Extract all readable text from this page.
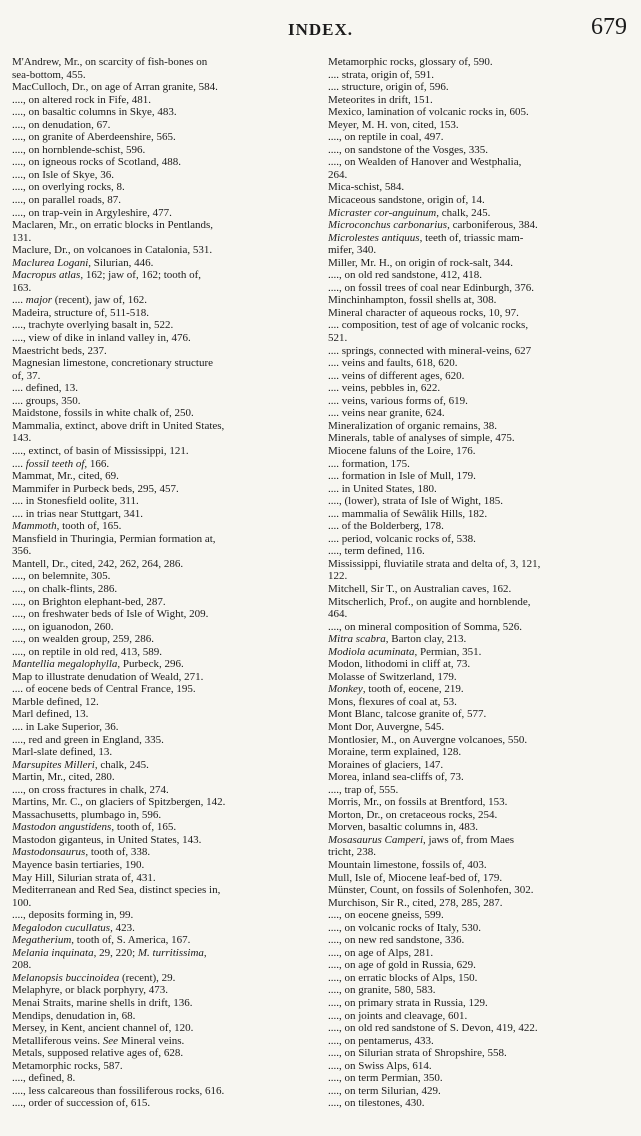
INDEX.	679
M'Andrew, Mr., on scarcity of fish-bones on
sea-bottom, 455.
MacCulloch, Dr., on age of Arran granite, 584.
...., on altered rock in Fife, 481.
...., on basaltic columns in Skye, 483.
...., on denudation, 67.
...., on granite of Aberdeenshire, 565.
...., on hornblende-schist, 596.
...., on igneous rocks of Scotland, 488.
...., on Isle of Skye, 36.
...., on overlying rocks, 8.
...., on parallel roads, 87.
...., on trap-vein in Argyleshire, 477.
Maclaren, Mr., on erratic blocks in Pentlands,
131.
Maclure, Dr., on volcanoes in Catalonia, 531.
Maclurea Logani, Silurian, 446.
Macropus atlas, 162; jaw of, 162; tooth of,
163.
.... major (recent), jaw of, 162.
Madeira, structure of, 511-518.
...., trachyte overlying basalt in, 522.
...., view of dike in inland valley in, 476.
Maestricht beds, 237.
Magnesian limestone, concretionary structure
of, 37.
.... defined, 13.
.... groups, 350.
Maidstone, fossils in white chalk of, 250.
Mammalia, extinct, above drift in United States,
143.
...., extinct, of basin of Mississippi, 121.
.... fossil teeth of, 166.
Mammat, Mr., cited, 69.
Mammifer in Purbeck beds, 295, 457.
.... in Stonesfield oolite, 311.
.... in trias near Stuttgart, 341.
Mammoth, tooth of, 165.
Mansfield in Thuringia, Permian formation at,
356.
Mantell, Dr., cited, 242, 262, 264, 286.
...., on belemnite, 305.
...., on chalk-flints, 286.
...., on Brighton elephant-bed, 287.
...., on freshwater beds of Isle of Wight, 209.
...., on iguanodon, 260.
...., on wealden group, 259, 286.
...., on reptile in old red, 413, 589.
Mantellia megalophylla, Purbeck, 296.
Map to illustrate denudation of Weald, 271.
.... of eocene beds of Central France, 195.
Marble defined, 12.
Marl defined, 13.
.... in Lake Superior, 36.
...., red and green in England, 335.
Marl-slate defined, 13.
Marsupites Milleri, chalk, 245.
Martin, Mr., cited, 280.
...., on cross fractures in chalk, 274.
Martins, Mr. C., on glaciers of Spitzbergen, 142.
Massachusetts, plumbago in, 596.
Mastodon angustidens, tooth of, 165.
Mastodon giganteus, in United States, 143.
Mastodonsaurus, tooth of, 338.
Mayence basin tertiaries, 190.
May Hill, Silurian strata of, 431.
Mediterranean and Red Sea, distinct species in,
100.
...., deposits forming in, 99.
Megalodon cucullatus, 423.
Megatherium, tooth of, S. America, 167.
Melania inquinata, 29, 220; M. turritissima,
208.
Melanopsis buccinoidea (recent), 29.
Melaphyre, or black porphyry, 473.
Menai Straits, marine shells in drift, 136.
Mendips, denudation in, 68.
Mersey, in Kent, ancient channel of, 120.
Metalliferous veins. See Mineral veins.
Metals, supposed relative ages of, 628.
Metamorphic rocks, 587.
...., defined, 8.
...., less calcareous than fossiliferous rocks, 616.
...., order of succession of, 615.
Metamorphic rocks, glossary of, 590.
.... strata, origin of, 591.
.... structure, origin of, 596.
Meteorites in drift, 151.
Mexico, lamination of volcanic rocks in, 605.
Meyer, M. H. von, cited, 153.
...., on reptile in coal, 497.
...., on sandstone of the Vosges, 335.
...., on Wealden of Hanover and Westphalia,
264.
Mica-schist, 584.
Micaceous sandstone, origin of, 14.
Micraster cor-anguinum, chalk, 245.
Microconchus carbonarius, carboniferous, 384.
Microlestes antiquus, teeth of, triassic mam-
mifer, 340.
Miller, Mr. H., on origin of rock-salt, 344.
...., on old red sandstone, 412, 418.
...., on fossil trees of coal near Edinburgh, 376.
Minchinhampton, fossil shells at, 308.
Mineral character of aqueous rocks, 10, 97.
.... composition, test of age of volcanic rocks,
521.
.... springs, connected with mineral-veins, 627
.... veins and faults, 618, 620.
.... veins of different ages, 620.
.... veins, pebbles in, 622.
.... veins, various forms of, 619.
.... veins near granite, 624.
Mineralization of organic remains, 38.
Minerals, table of analyses of simple, 475.
Miocene faluns of the Loire, 176.
.... formation, 175.
.... formation in Isle of Mull, 179.
.... in United States, 180.
...., (lower), strata of Isle of Wight, 185.
.... mammalia of Sewâlik Hills, 182.
.... of the Bolderberg, 178.
.... period, volcanic rocks of, 538.
...., term defined, 116.
Mississippi, fluviatile strata and delta of, 3, 121,
122.
Mitchell, Sir T., on Australian caves, 162.
Mitscherlich, Prof., on augite and hornblende,
464.
...., on mineral composition of Somma, 526.
Mitra scabra, Barton clay, 213.
Modiola acuminata, Permian, 351.
Modon, lithodomi in cliff at, 73.
Molasse of Switzerland, 179.
Monkey, tooth of, eocene, 219.
Mons, flexures of coal at, 53.
Mont Blanc, talcose granite of, 577.
Mont Dor, Auvergne, 545.
Montlosier, M., on Auvergne volcanoes, 550.
Moraine, term explained, 128.
Moraines of glaciers, 147.
Morea, inland sea-cliffs of, 73.
...., trap of, 555.
Morris, Mr., on fossils at Brentford, 153.
Morton, Dr., on cretaceous rocks, 254.
Morven, basaltic columns in, 483.
Mosasaurus Camperi, jaws of, from Maes
tricht, 238.
Mountain limestone, fossils of, 403.
Mull, Isle of, Miocene leaf-bed of, 179.
Münster, Count, on fossils of Solenhofen, 302.
Murchison, Sir R., cited, 278, 285, 287.
...., on eocene gneiss, 599.
...., on volcanic rocks of Italy, 530.
...., on new red sandstone, 336.
...., on age of Alps, 281.
...., on age of gold in Russia, 629.
...., on erratic blocks of Alps, 150.
...., on granite, 580, 583.
...., on primary strata in Russia, 129.
...., on joints and cleavage, 601.
...., on old red sandstone of S. Devon, 419, 422.
...., on pentamerus, 433.
...., on Silurian strata of Shropshire, 558.
...., on Swiss Alps, 614.
...., on term Permian, 350.
...., on term Silurian, 429.
...., on tilestones, 430.
